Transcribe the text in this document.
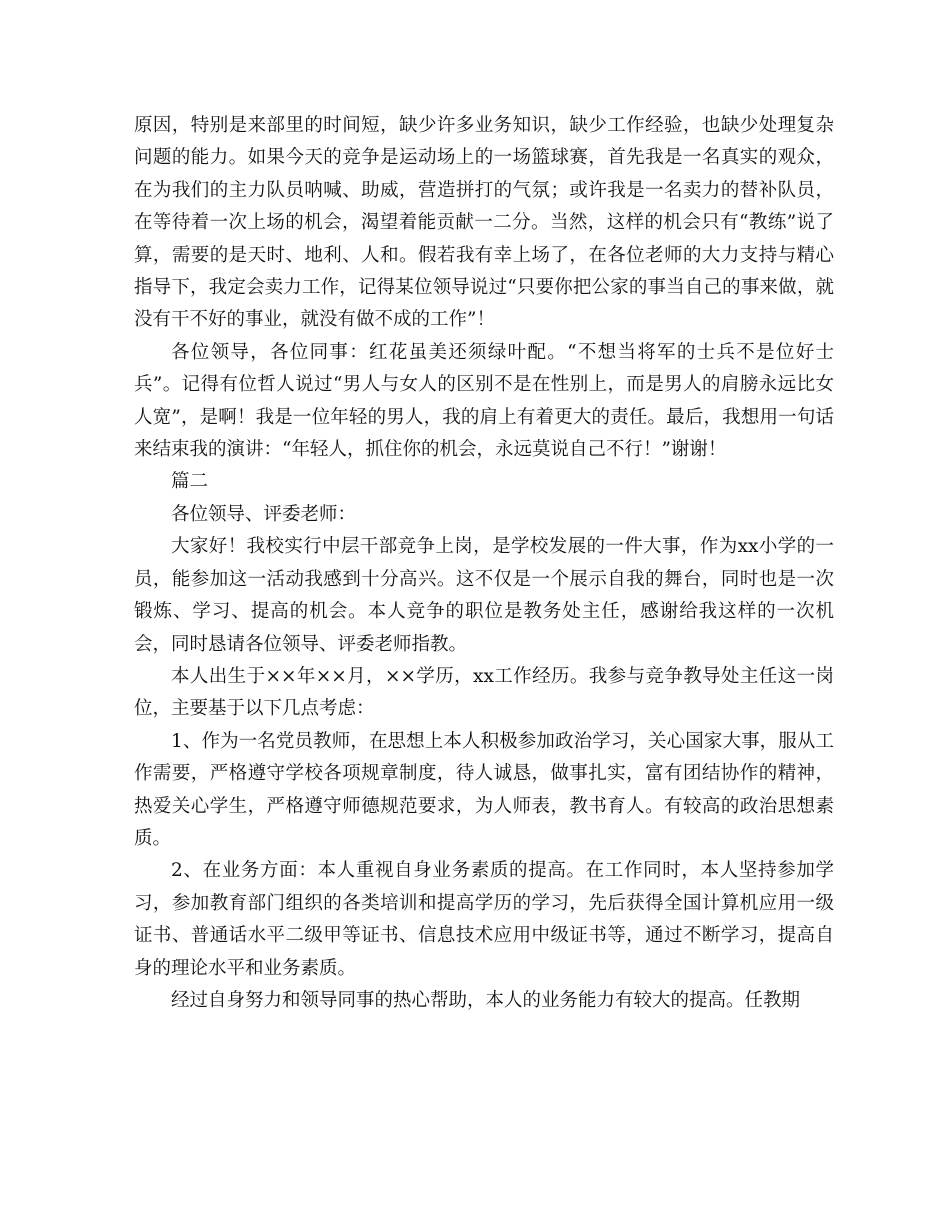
原因，特别是来部里的时间短，缺少许多业务知识，缺少工作经验，也缺少处理复杂问题的能力。如果今天的竞争是运动场上的一场篮球赛，首先我是一名真实的观众，在为我们的主力队员呐喊、助威，营造拼打的气氛；或许我是一名卖力的替补队员，在等待着一次上场的机会，渴望着能贡献一二分。当然，这样的机会只有“教练”说了算，需要的是天时、地利、人和。假若我有幸上场了，在各位老师的大力支持与精心指导下，我定会卖力工作，记得某位领导说过“只要你把公家的事当自己的事来做，就没有干不好的事业，就没有做不成的工作”！

各位领导，各位同事：红花虽美还须绿叶配。“不想当将军的士兵不是位好士兵”。记得有位哲人说过“男人与女人的区别不是在性别上，而是男人的肩膀永远比女人宽”，是啊！我是一位年轻的男人，我的肩上有着更大的责任。最后，我想用一句话来结束我的演讲：“年轻人，抓住你的机会，永远莫说自己不行！”谢谢！

篇二

各位领导、评委老师：

大家好！我校实行中层干部竞争上岗，是学校发展的一件大事，作为xx小学的一员，能参加这一活动我感到十分高兴。这不仅是一个展示自我的舞台，同时也是一次锻炼、学习、提高的机会。本人竞争的职位是教务处主任，感谢给我这样的一次机会，同时恳请各位领导、评委老师指教。

本人出生于××年××月，××学历，xx工作经历。我参与竞争教导处主任这一岗位，主要基于以下几点考虑：

1、作为一名党员教师，在思想上本人积极参加政治学习，关心国家大事，服从工作需要，严格遵守学校各项规章制度，待人诚恳，做事扎实，富有团结协作的精神，热爱关心学生，严格遵守师德规范要求，为人师表，教书育人。有较高的政治思想素质。

2、在业务方面：本人重视自身业务素质的提高。在工作同时，本人坚持参加学习，参加教育部门组织的各类培训和提高学历的学习，先后获得全国计算机应用一级证书、普通话水平二级甲等证书、信息技术应用中级证书等，通过不断学习，提高自身的理论水平和业务素质。

经过自身努力和领导同事的热心帮助，本人的业务能力有较大的提高。任教期
